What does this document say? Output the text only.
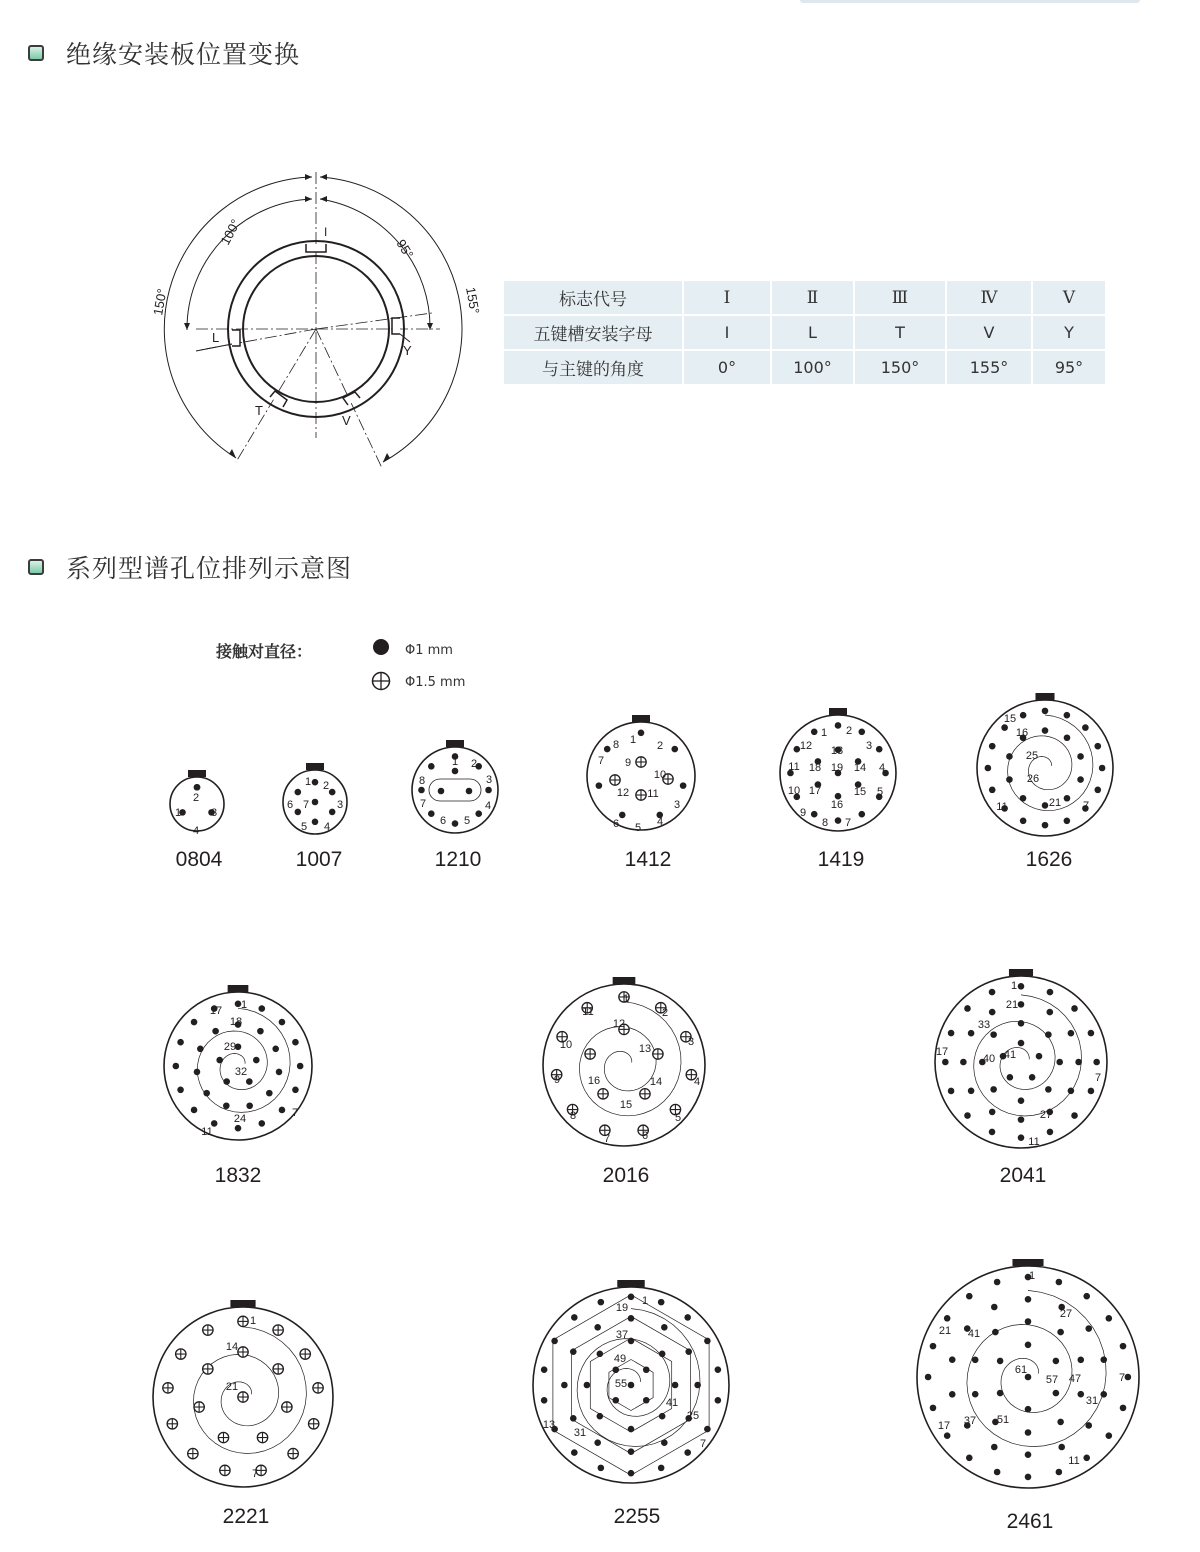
绝缘安装板位置变换
100°
95°
150°	155°
I
L
Y
T
V
标志代号	Ⅰ	Ⅱ	Ⅲ	Ⅳ	Ⅴ
五键槽安装字母	I	L	T	V	Y
与主键的角度	0°	100°	150°	155°	95°
系列型谱孔位排列示意图
接触对直径：	Φ1 mm
Φ1.5 mm
2
1	3
4
0804
1 2
3
4
5
6 7
1007
1 2
3
4
5
6
7
8
1210
8 1 2
7 9
10
12 11
3
4
5
6
1412
1 2
12 13 3
11 18 19 14 4
10 17	15 5
16
9
8 7
1419
15
16
25
26
11	21 7
1626
1
17
18
29
32
24
11
7
1832
1
11	2
12
10	13
3
9	16	14	4
8
15
5
7	6
2016
1
21
33
17
40 41
7
27
11
2041
1
14
21
7
2221
19
1
37
49
55
41
25
13
31
7
2255
1
27
21 41
61
57 47	7
31
17 37 51
11
2461
